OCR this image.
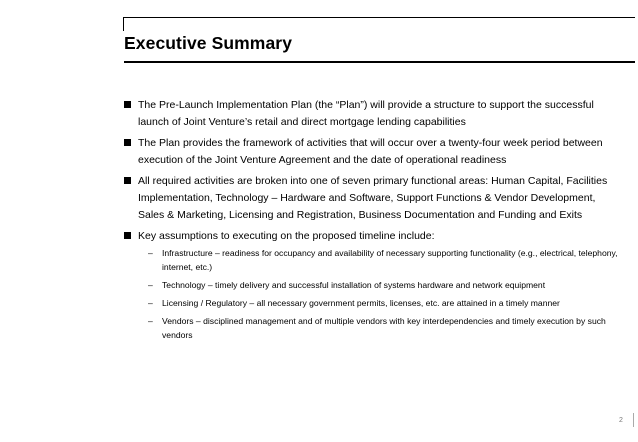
Executive Summary
The Pre-Launch Implementation Plan (the “Plan”) will provide a structure to support the successful launch of Joint Venture’s retail and direct mortgage lending capabilities
The Plan provides the framework of activities that will occur over a twenty-four week period between execution of the Joint Venture Agreement and the date of operational readiness
All required activities are broken into one of seven primary functional areas: Human Capital, Facilities Implementation, Technology – Hardware and Software, Support Functions & Vendor Development, Sales & Marketing, Licensing and Registration, Business Documentation and Funding and Exits
Key assumptions to executing on the proposed timeline include:
– Infrastructure – readiness for occupancy and availability of necessary supporting functionality (e.g., electrical, telephony, internet, etc.)
– Technology – timely delivery and successful installation of systems hardware and network equipment
– Licensing / Regulatory – all necessary government permits, licenses, etc. are attained in a timely manner
– Vendors – disciplined management and of multiple vendors with key interdependencies and timely execution by such vendors
2
